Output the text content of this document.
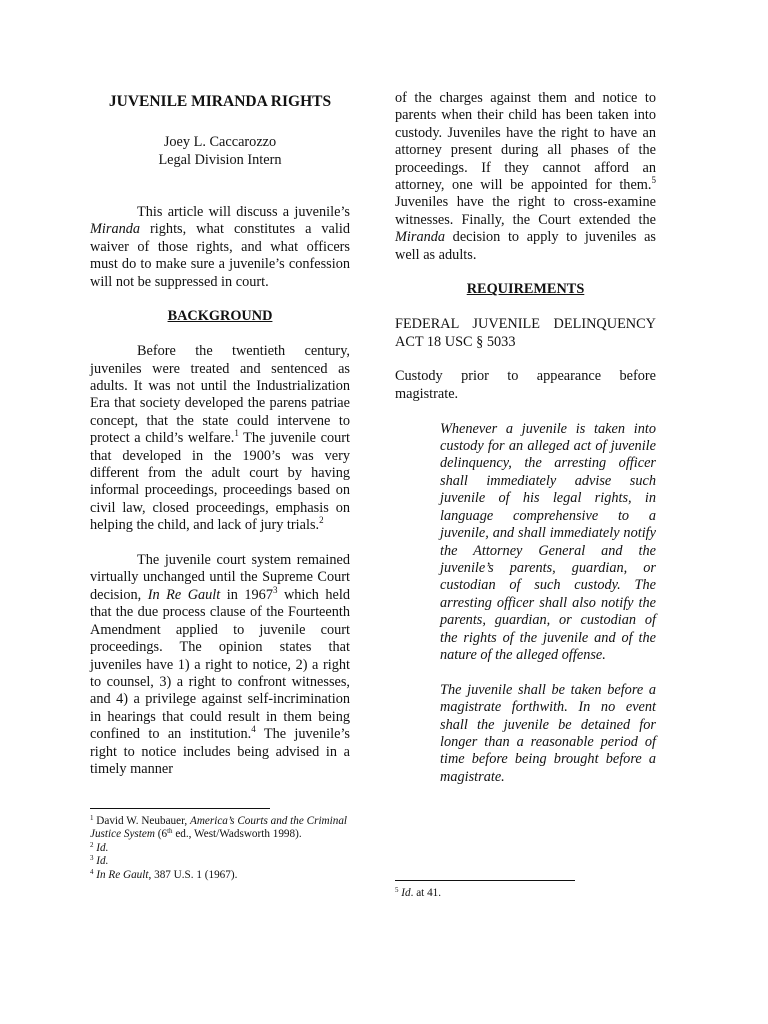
JUVENILE MIRANDA RIGHTS

Joey L. Caccarozzo
Legal Division Intern

This article will discuss a juvenile’s Miranda rights, what constitutes a valid waiver of those rights, and what officers must do to make sure a juvenile’s confession will not be suppressed in court.

BACKGROUND

Before the twentieth century, juveniles were treated and sentenced as adults. It was not until the Industrialization Era that society developed the parens patriae concept, that the state could intervene to protect a child’s welfare.$^1$ The juvenile court that developed in the 1900’s was very different from the adult court by having informal proceedings, proceedings based on civil law, closed proceedings, emphasis on helping the child, and lack of jury trials.$^2$

The juvenile court system remained virtually unchanged until the Supreme Court decision, In Re Gault in 1967$^3$ which held that the due process clause of the Fourteenth Amendment applied to juvenile court proceedings. The opinion states that juveniles have 1) a right to notice, 2) a right to counsel, 3) a right to confront witnesses, and 4) a privilege against self-incrimination in hearings that could result in them being confined to an institution.$^4$ The juvenile’s right to notice includes being advised in a timely manner

$^1$ David W. Neubauer, America’s Courts and the Criminal Justice System (6th ed., West/Wadsworth 1998).
$^2$ Id.
$^3$ Id.
$^4$ In Re Gault, 387 U.S. 1 (1967).

of the charges against them and notice to parents when their child has been taken into custody. Juveniles have the right to have an attorney present during all phases of the proceedings. If they cannot afford an attorney, one will be appointed for them.$^5$ Juveniles have the right to cross-examine witnesses. Finally, the Court extended the Miranda decision to apply to juveniles as well as adults.

REQUIREMENTS

FEDERAL JUVENILE DELINQUENCY ACT 18 USC § 5033

Custody prior to appearance before magistrate.

Whenever a juvenile is taken into custody for an alleged act of juvenile delinquency, the arresting officer shall immediately advise such juvenile of his legal rights, in language comprehensive to a juvenile, and shall immediately notify the Attorney General and the juvenile’s parents, guardian, or custodian of such custody. The arresting officer shall also notify the parents, guardian, or custodian of the rights of the juvenile and of the nature of the alleged offense.

The juvenile shall be taken before a magistrate forthwith. In no event shall the juvenile be detained for longer than a reasonable period of time before being brought before a magistrate.

$^5$ Id. at 41.
